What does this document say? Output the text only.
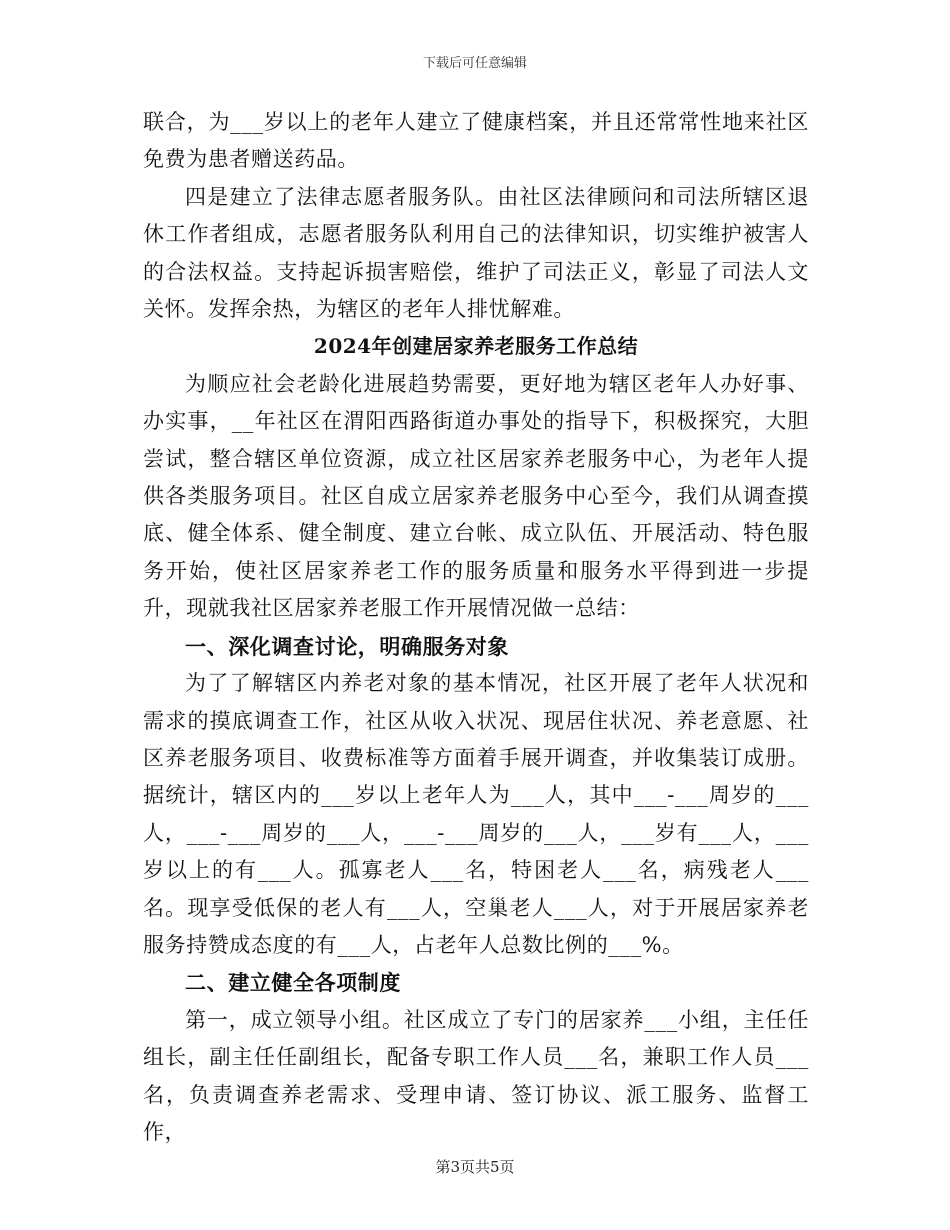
下载后可任意编辑

联合，为___岁以上的老年人建立了健康档案，并且还常常性地来社区免费为患者赠送药品。

四是建立了法律志愿者服务队。由社区法律顾问和司法所辖区退休工作者组成，志愿者服务队利用自己的法律知识，切实维护被害人的合法权益。支持起诉损害赔偿，维护了司法正义，彰显了司法人文关怀。发挥余热，为辖区的老年人排忧解难。

2024年创建居家养老服务工作总结

为顺应社会老龄化进展趋势需要，更好地为辖区老年人办好事、办实事，__年社区在渭阳西路街道办事处的指导下，积极探究，大胆尝试，整合辖区单位资源，成立社区居家养老服务中心，为老年人提供各类服务项目。社区自成立居家养老服务中心至今，我们从调查摸底、健全体系、健全制度、建立台帐、成立队伍、开展活动、特色服务开始，使社区居家养老工作的服务质量和服务水平得到进一步提升，现就我社区居家养老服工作开展情况做一总结：

一、深化调查讨论，明确服务对象

为了了解辖区内养老对象的基本情况，社区开展了老年人状况和需求的摸底调查工作，社区从收入状况、现居住状况、养老意愿、社区养老服务项目、收费标准等方面着手展开调查，并收集装订成册。据统计，辖区内的___岁以上老年人为___人，其中___-___周岁的___人，___-___周岁的___人，___-___周岁的___人，___岁有___人，___岁以上的有___人。孤寡老人___名，特困老人___名，病残老人___名。现享受低保的老人有___人，空巢老人___人，对于开展居家养老服务持赞成态度的有___人，占老年人总数比例的___%。

二、建立健全各项制度

第一，成立领导小组。社区成立了专门的居家养___小组，主任任组长，副主任任副组长，配备专职工作人员___名，兼职工作人员___名，负责调查养老需求、受理申请、签订协议、派工服务、监督工作，

第3页共5页
